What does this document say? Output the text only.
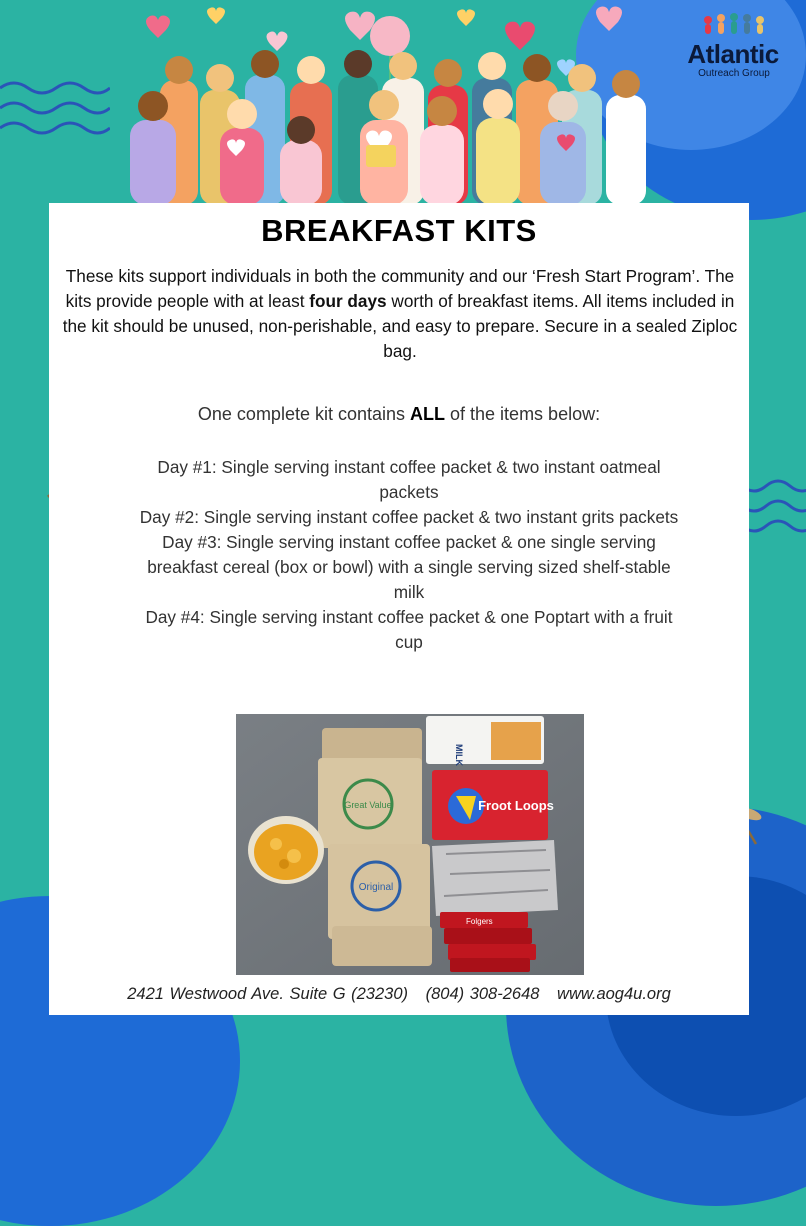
Atlantic
Outreach Group
BREAKFAST KITS
These kits support individuals in both the community and our ‘Fresh Start Program’. The kits provide people with at least four days worth of breakfast items. All items included in the kit should be unused, non-perishable, and easy to prepare. Secure in a sealed Ziploc bag.
One complete kit contains ALL of the items below:

Day #1: Single serving instant coffee packet & two instant oatmeal packets

Day #2: Single serving instant coffee packet & two instant grits packets

Day #3: Single serving instant coffee packet & one single serving breakfast cereal (box or bowl) with a single serving sized shelf-stable milk

Day #4: Single serving instant coffee packet & one Poptart with a fruit cup

Great Value
Original
MILK
Froot Loops
Folgers
2421 Westwood Ave. Suite G (23230) (804) 308-2648 www.aog4u.org
